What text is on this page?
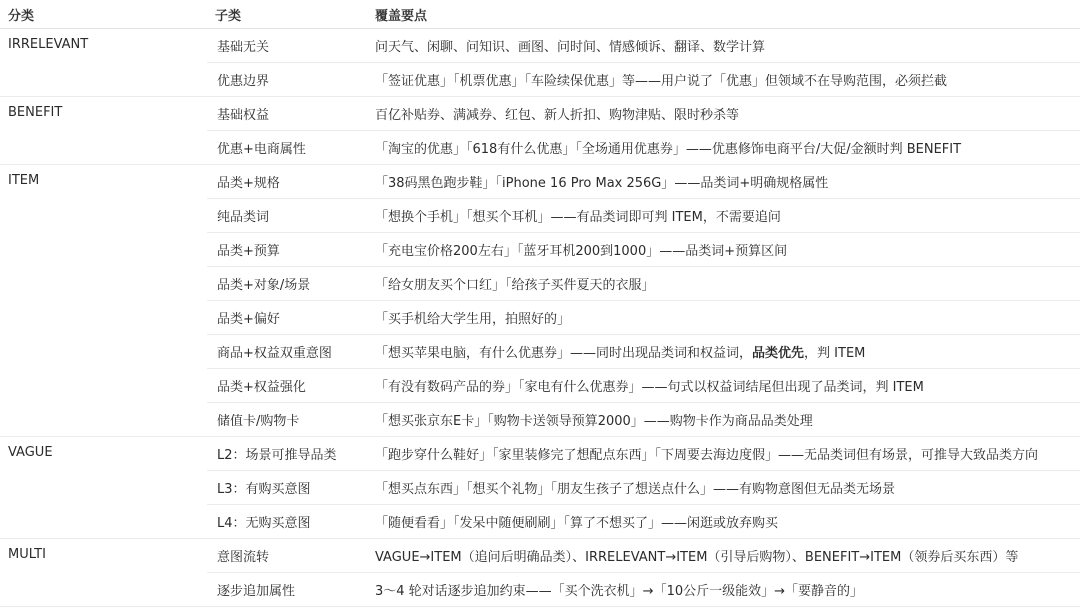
分类	子类	覆盖要点
IRRELEVANT	基础无关	问天气、闲聊、问知识、画图、问时间、情感倾诉、翻译、数学计算
	优惠边界	「签证优惠」「机票优惠」「车险续保优惠」等——用户说了「优惠」但领域不在导购范围，必须拦截
BENEFIT	基础权益	百亿补贴券、满减券、红包、新人折扣、购物津贴、限时秒杀等
	优惠+电商属性	「淘宝的优惠」「618有什么优惠」「全场通用优惠券」——优惠修饰电商平台/大促/金额时判 BENEFIT
ITEM	品类+规格	「38码黑色跑步鞋」「iPhone 16 Pro Max 256G」——品类词+明确规格属性
	纯品类词	「想换个手机」「想买个耳机」——有品类词即可判 ITEM，不需要追问
	品类+预算	「充电宝价格200左右」「蓝牙耳机200到1000」——品类词+预算区间
	品类+对象/场景	「给女朋友买个口红」「给孩子买件夏天的衣服」
	品类+偏好	「买手机给大学生用，拍照好的」
	商品+权益双重意图	「想买苹果电脑，有什么优惠券」——同时出现品类词和权益词，品类优先，判 ITEM
	品类+权益强化	「有没有数码产品的券」「家电有什么优惠券」——句式以权益词结尾但出现了品类词，判 ITEM
	储值卡/购物卡	「想买张京东E卡」「购物卡送领导预算2000」——购物卡作为商品品类处理
VAGUE	L2：场景可推导品类	「跑步穿什么鞋好」「家里装修完了想配点东西」「下周要去海边度假」——无品类词但有场景，可推导大致品类方向
	L3：有购买意图	「想买点东西」「想买个礼物」「朋友生孩子了想送点什么」——有购物意图但无品类无场景
	L4：无购买意图	「随便看看」「发呆中随便刷刷」「算了不想买了」——闲逛或放弃购买
MULTI	意图流转	VAGUE→ITEM（追问后明确品类）、IRRELEVANT→ITEM（引导后购物）、BENEFIT→ITEM（领券后买东西）等
	逐步追加属性	3～4 轮对话逐步追加约束——「买个洗衣机」→「10公斤一级能效」→「要静音的」
